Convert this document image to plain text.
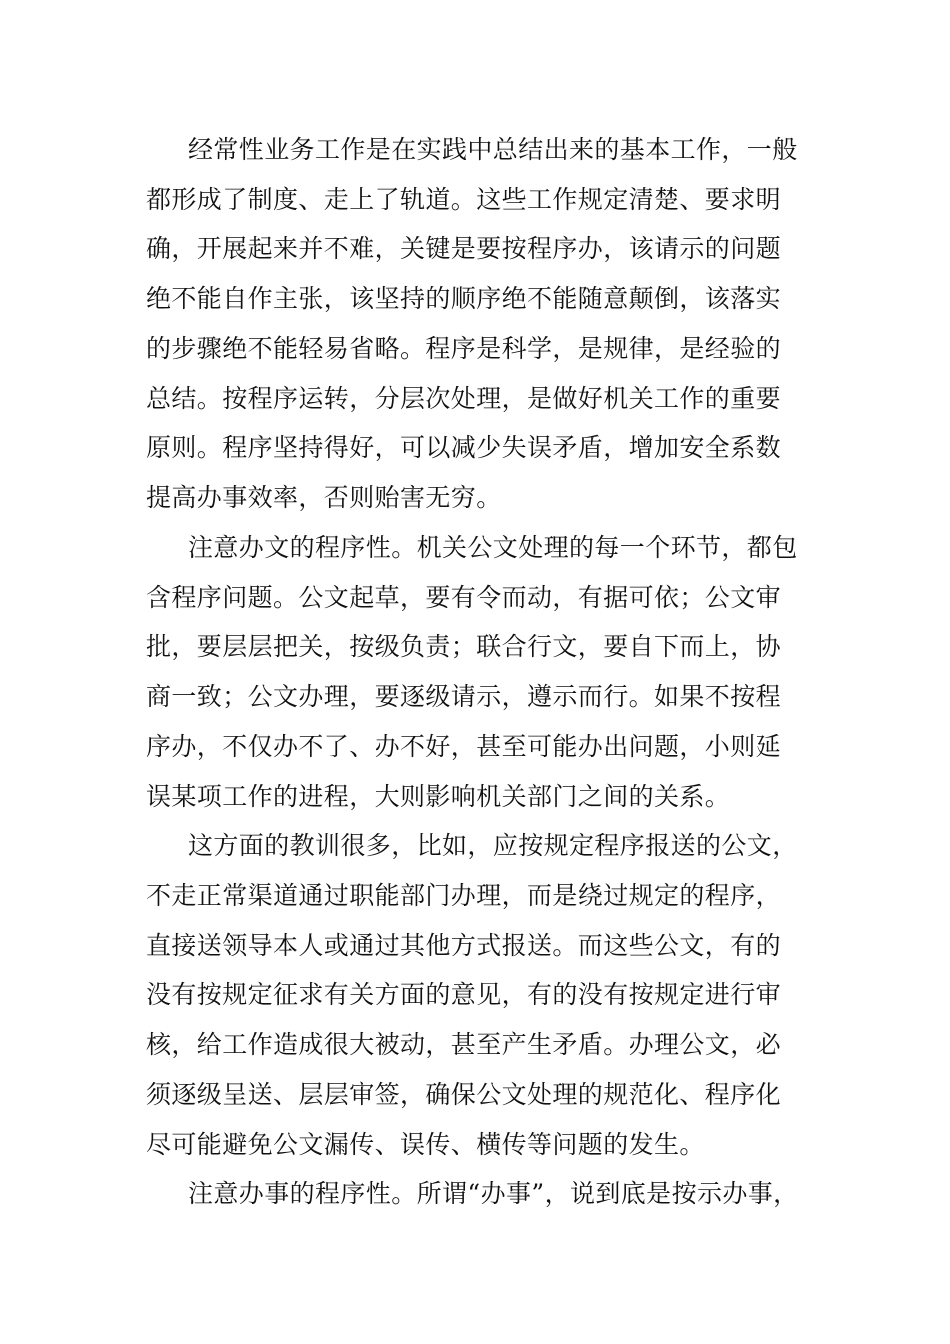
经常性业务工作是在实践中总结出来的基本工作，一般
都形成了制度、走上了轨道。这些工作规定清楚、要求明
确，开展起来并不难，关键是要按程序办，该请示的问题
绝不能自作主张，该坚持的顺序绝不能随意颠倒，该落实
的步骤绝不能轻易省略。程序是科学，是规律，是经验的
总结。按程序运转，分层次处理，是做好机关工作的重要
原则。程序坚持得好，可以减少失误矛盾，增加安全系数
提高办事效率，否则贻害无穷。
注意办文的程序性。机关公文处理的每一个环节，都包
含程序问题。公文起草，要有令而动，有据可依；公文审
批，要层层把关，按级负责；联合行文，要自下而上，协
商一致；公文办理，要逐级请示，遵示而行。如果不按程
序办，不仅办不了、办不好，甚至可能办出问题，小则延
误某项工作的进程，大则影响机关部门之间的关系。
这方面的教训很多，比如，应按规定程序报送的公文，
不走正常渠道通过职能部门办理，而是绕过规定的程序，
直接送领导本人或通过其他方式报送。而这些公文，有的
没有按规定征求有关方面的意见，有的没有按规定进行审
核，给工作造成很大被动，甚至产生矛盾。办理公文，必
须逐级呈送、层层审签，确保公文处理的规范化、程序化
尽可能避免公文漏传、误传、横传等问题的发生。
注意办事的程序性。所谓“办事”，说到底是按示办事，
